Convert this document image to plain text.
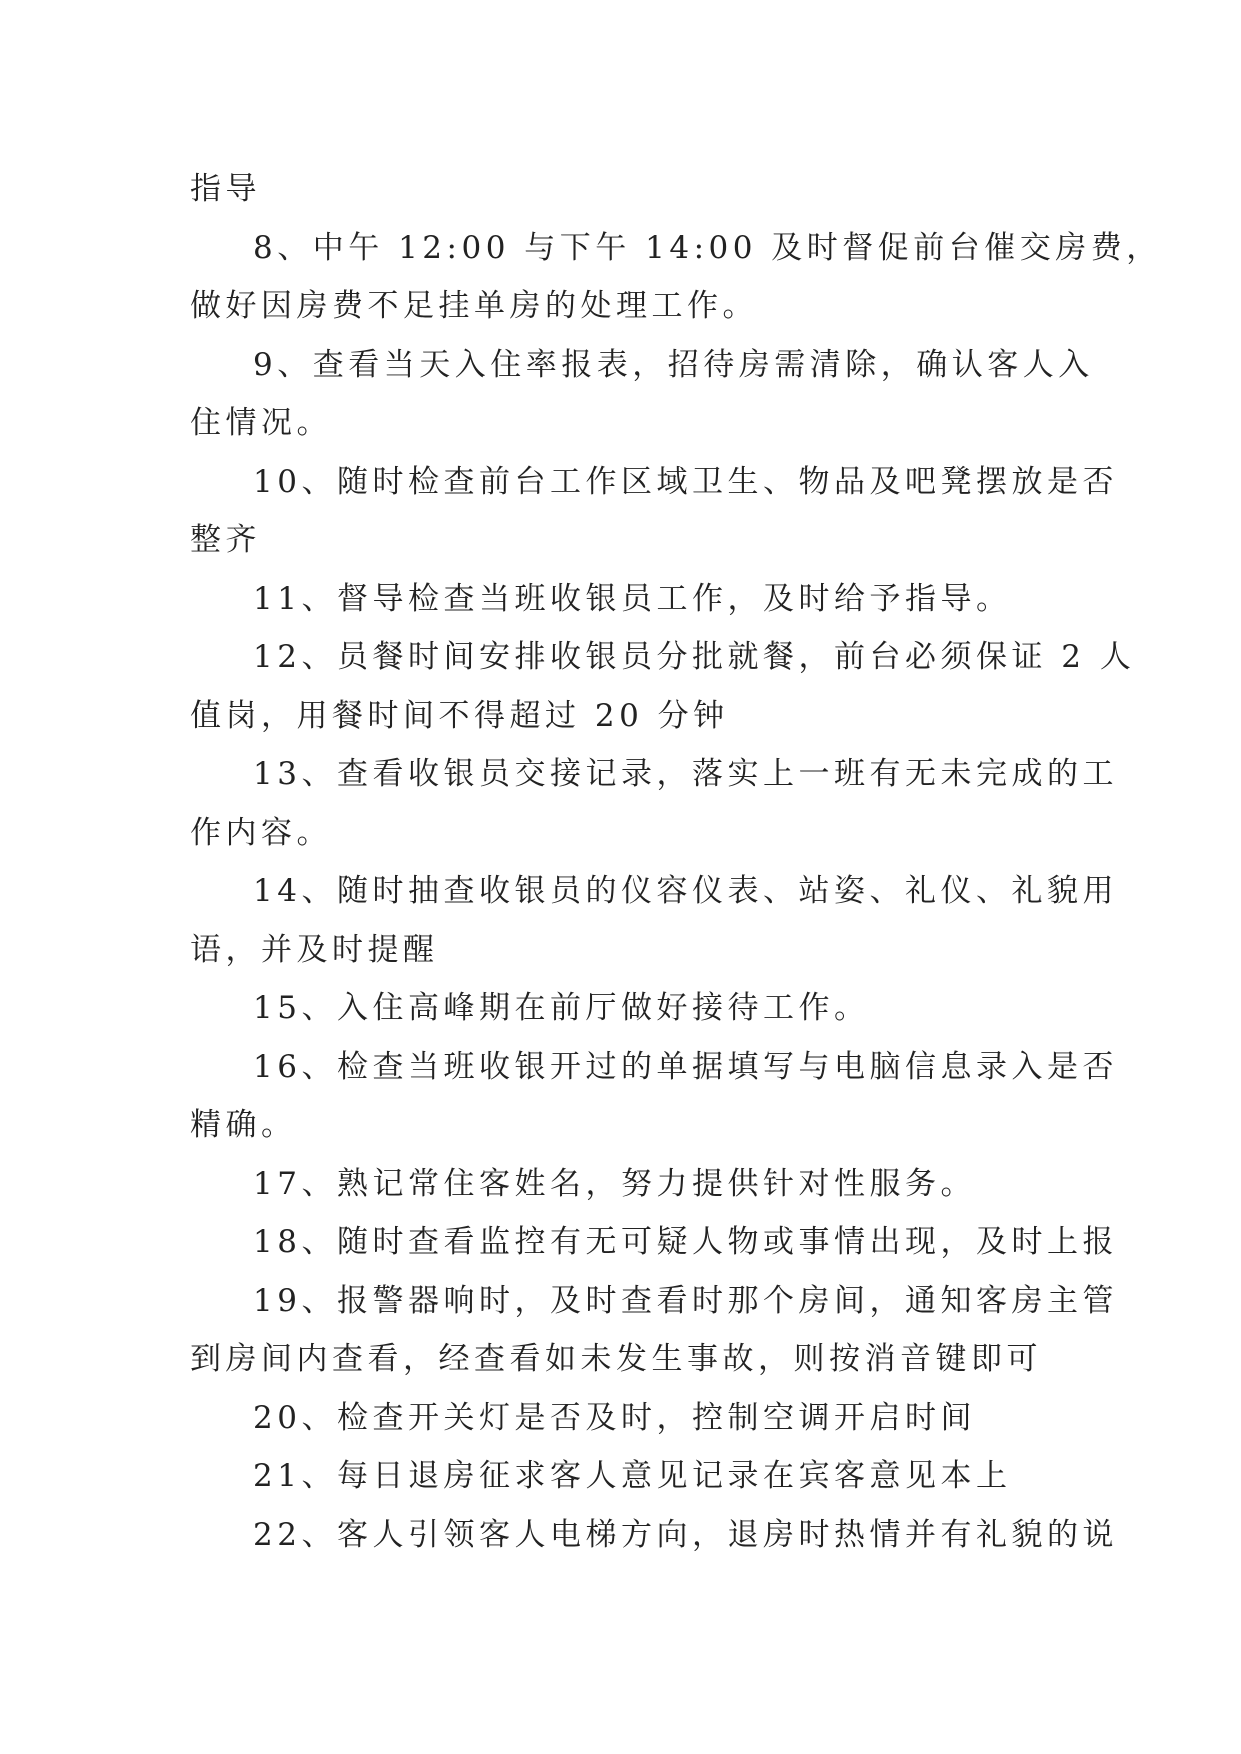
指导
8、中午 12:00 与下午 14:00 及时督促前台催交房费，
做好因房费不足挂单房的处理工作。
9、查看当天入住率报表，招待房需清除，确认客人入
住情况。
10、随时检查前台工作区域卫生、物品及吧凳摆放是否
整齐
11、督导检查当班收银员工作，及时给予指导。
12、员餐时间安排收银员分批就餐，前台必须保证 2 人
值岗，用餐时间不得超过 20 分钟
13、查看收银员交接记录，落实上一班有无未完成的工
作内容。
14、随时抽查收银员的仪容仪表、站姿、礼仪、礼貌用
语，并及时提醒
15、入住高峰期在前厅做好接待工作。
16、检查当班收银开过的单据填写与电脑信息录入是否
精确。
17、熟记常住客姓名，努力提供针对性服务。
18、随时查看监控有无可疑人物或事情出现，及时上报
19、报警器响时，及时查看时那个房间，通知客房主管
到房间内查看，经查看如未发生事故，则按消音键即可
20、检查开关灯是否及时，控制空调开启时间
21、每日退房征求客人意见记录在宾客意见本上
22、客人引领客人电梯方向，退房时热情并有礼貌的说
